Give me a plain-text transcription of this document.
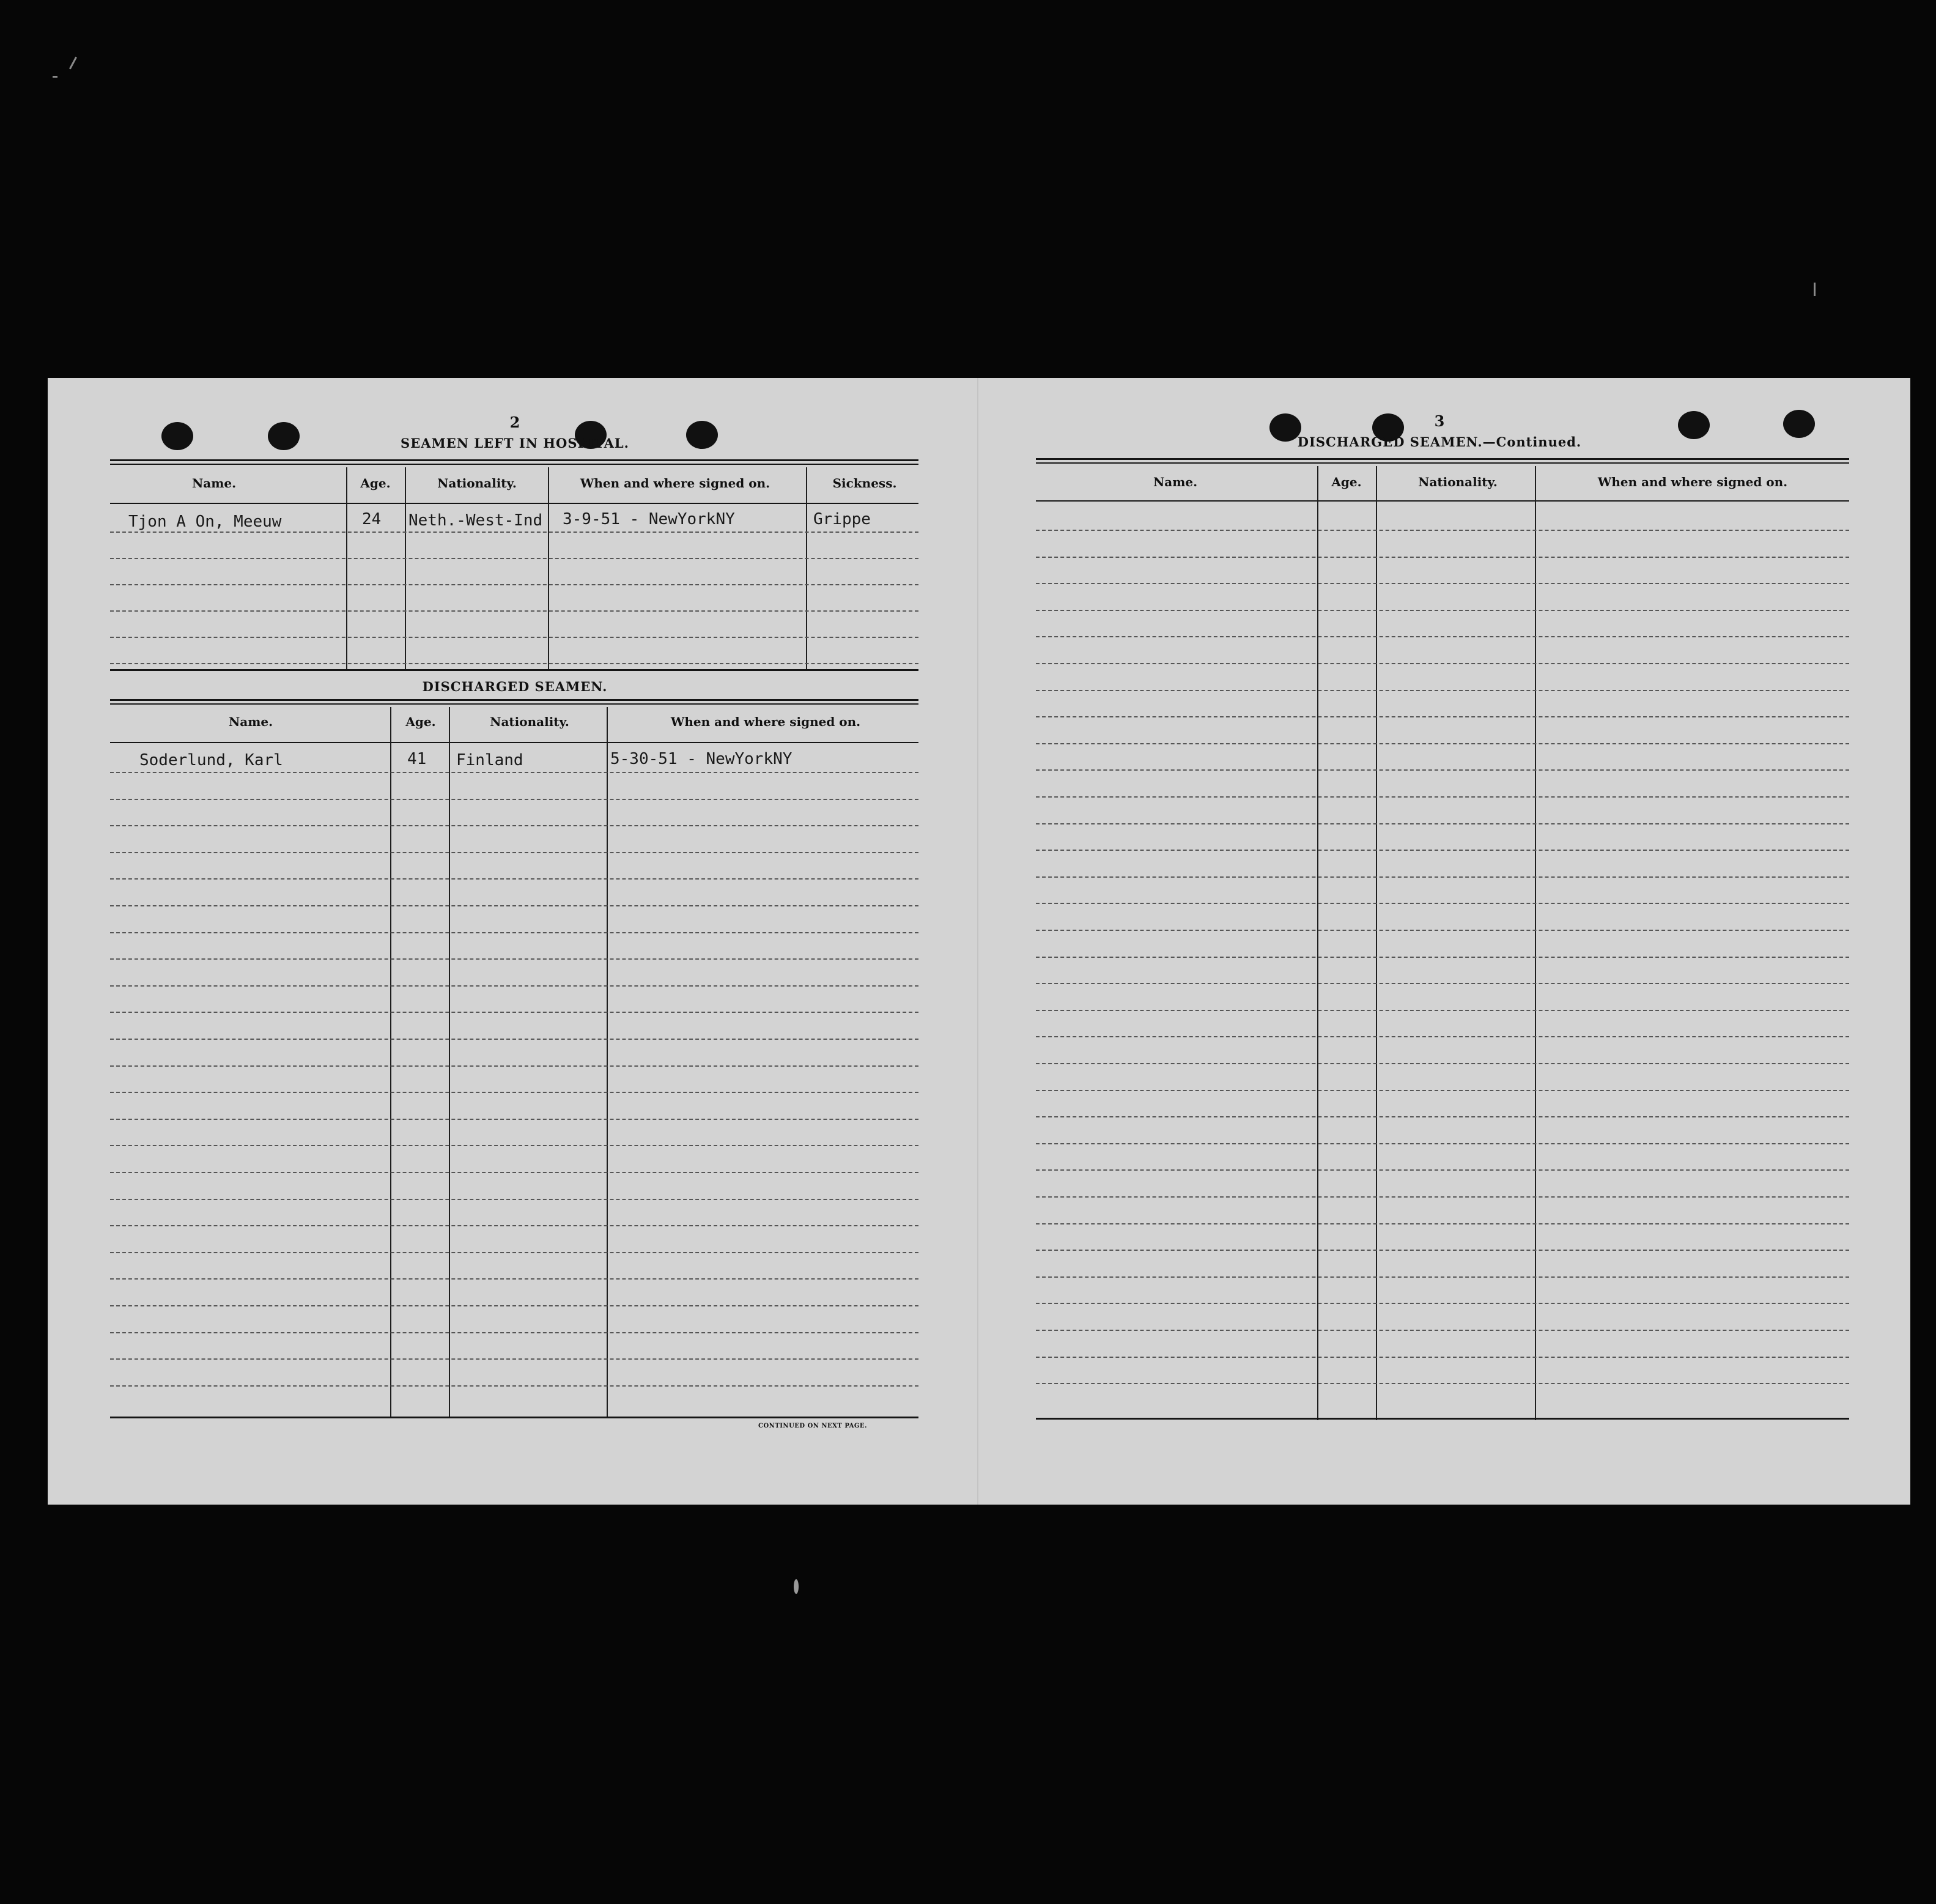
2
SEAMEN LEFT IN HOSPITAL.
Name.	Age.	Nationality.	When and where signed on.	Sickness.
Tjon A On, Meeuw	24 Neth.-West-Ind 3-9-51 - NewYorkNY	Grippe
DISCHARGED SEAMEN.
Name.	Age.	Nationality.	When and where signed on.
Soderlund, Karl	41 Finland	5-30-51 - NewYorkNY
CONTINUED ON NEXT PAGE.
3
DISCHARGED SEAMEN.—Continued.
Name.	Age.	Nationality.	When and where signed on.
